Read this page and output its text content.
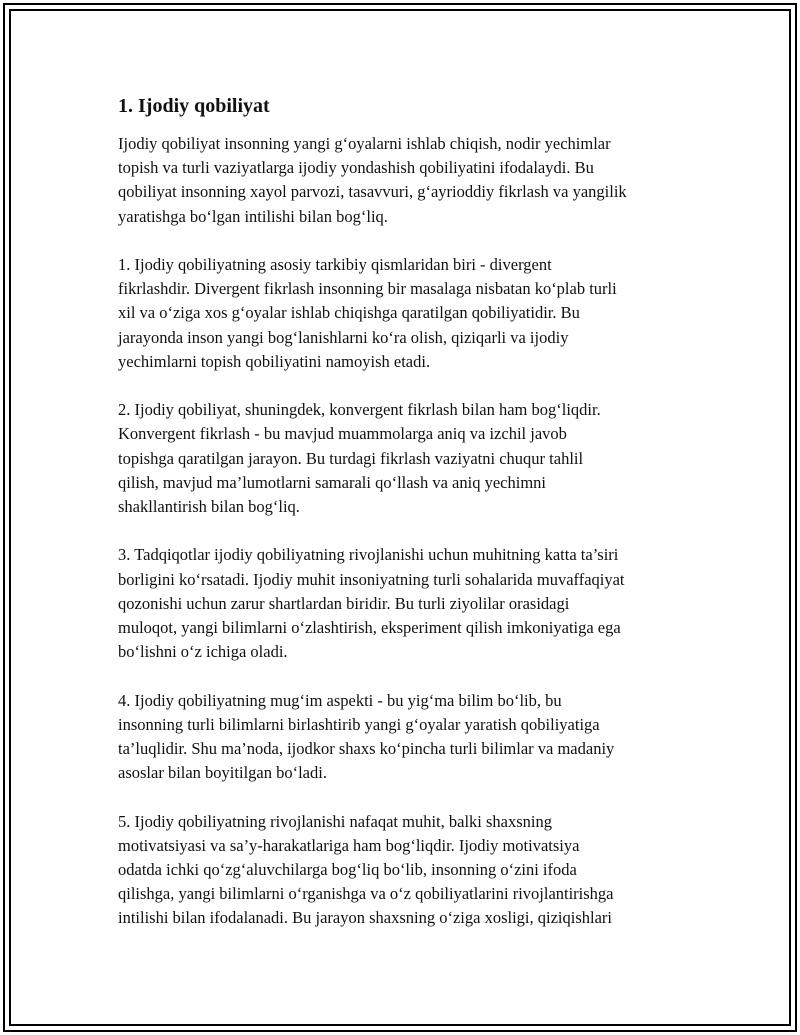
1. Ijodiy qobiliyat

Ijodiy qobiliyat insonning yangi g‘oyalarni ishlab chiqish, nodir yechimlar
topish va turli vaziyatlarga ijodiy yondashish qobiliyatini ifodalaydi. Bu
qobiliyat insonning xayol parvozi, tasavvuri, g‘ayrioddiy fikrlash va yangilik
yaratishga bo‘lgan intilishi bilan bog‘liq.

1. Ijodiy qobiliyatning asosiy tarkibiy qismlaridan biri - divergent
fikrlashdir. Divergent fikrlash insonning bir masalaga nisbatan ko‘plab turli
xil va o‘ziga xos g‘oyalar ishlab chiqishga qaratilgan qobiliyatidir. Bu
jarayonda inson yangi bog‘lanishlarni ko‘ra olish, qiziqarli va ijodiy
yechimlarni topish qobiliyatini namoyish etadi.

2. Ijodiy qobiliyat, shuningdek, konvergent fikrlash bilan ham bog‘liqdir.
Konvergent fikrlash - bu mavjud muammolarga aniq va izchil javob
topishga qaratilgan jarayon. Bu turdagi fikrlash vaziyatni chuqur tahlil
qilish, mavjud ma’lumotlarni samarali qo‘llash va aniq yechimni
shakllantirish bilan bog‘liq.

3. Tadqiqotlar ijodiy qobiliyatning rivojlanishi uchun muhitning katta ta’siri
borligini ko‘rsatadi. Ijodiy muhit insoniyatning turli sohalarida muvaffaqiyat
qozonishi uchun zarur shartlardan biridir. Bu turli ziyolilar orasidagi
muloqot, yangi bilimlarni o‘zlashtirish, eksperiment qilish imkoniyatiga ega
bo‘lishni o‘z ichiga oladi.

4. Ijodiy qobiliyatning mug‘im aspekti - bu yig‘ma bilim bo‘lib, bu
insonning turli bilimlarni birlashtirib yangi g‘oyalar yaratish qobiliyatiga
ta’luqlidir. Shu ma’noda, ijodkor shaxs ko‘pincha turli bilimlar va madaniy
asoslar bilan boyitilgan bo‘ladi.

5. Ijodiy qobiliyatning rivojlanishi nafaqat muhit, balki shaxsning
motivatsiyasi va sa’y-harakatlariga ham bog‘liqdir. Ijodiy motivatsiya
odatda ichki qo‘zg‘aluvchilarga bog‘liq bo‘lib, insonning o‘zini ifoda
qilishga, yangi bilimlarni o‘rganishga va o‘z qobiliyatlarini rivojlantirishga
intilishi bilan ifodalanadi. Bu jarayon shaxsning o‘ziga xosligi, qiziqishlari
